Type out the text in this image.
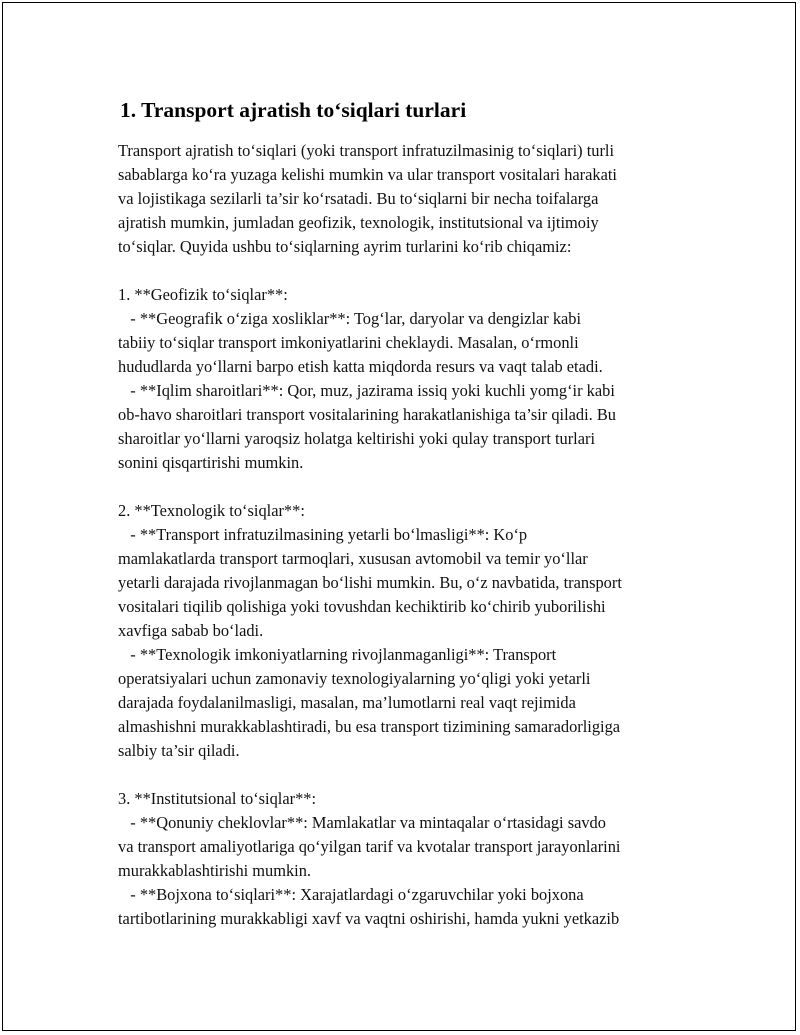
1. Transport ajratish to‘siqlari turlari

Transport ajratish to‘siqlari (yoki transport infratuzilmasinig to‘siqlari) turli
sabablarga ko‘ra yuzaga kelishi mumkin va ular transport vositalari harakati
va lojistikaga sezilarli ta’sir ko‘rsatadi. Bu to‘siqlarni bir necha toifalarga
ajratish mumkin, jumladan geofizik, texnologik, institutsional va ijtimoiy
to‘siqlar. Quyida ushbu to‘siqlarning ayrim turlarini ko‘rib chiqamiz:

1. **Geofizik to‘siqlar**:

- **Geografik o‘ziga xosliklar**: Tog‘lar, daryolar va dengizlar kabi
tabiiy to‘siqlar transport imkoniyatlarini cheklaydi. Masalan, o‘rmonli
hududlarda yo‘llarni barpo etish katta miqdorda resurs va vaqt talab etadi.

- **Iqlim sharoitlari**: Qor, muz, jazirama issiq yoki kuchli yomg‘ir kabi
ob-havo sharoitlari transport vositalarining harakatlanishiga ta’sir qiladi. Bu
sharoitlar yo‘llarni yaroqsiz holatga keltirishi yoki qulay transport turlari
sonini qisqartirishi mumkin.

2. **Texnologik to‘siqlar**:

- **Transport infratuzilmasining yetarli bo‘lmasligi**: Ko‘p
mamlakatlarda transport tarmoqlari, xususan avtomobil va temir yo‘llar
yetarli darajada rivojlanmagan bo‘lishi mumkin. Bu, o‘z navbatida, transport
vositalari tiqilib qolishiga yoki tovushdan kechiktirib ko‘chirib yuborilishi
xavfiga sabab bo‘ladi.

- **Texnologik imkoniyatlarning rivojlanmaganligi**: Transport
operatsiyalari uchun zamonaviy texnologiyalarning yo‘qligi yoki yetarli
darajada foydalanilmasligi, masalan, ma’lumotlarni real vaqt rejimida
almashishni murakkablashtiradi, bu esa transport tizimining samaradorligiga
salbiy ta’sir qiladi.

3. **Institutsional to‘siqlar**:

- **Qonuniy cheklovlar**: Mamlakatlar va mintaqalar o‘rtasidagi savdo
va transport amaliyotlariga qo‘yilgan tarif va kvotalar transport jarayonlarini
murakkablashtirishi mumkin.

- **Bojxona to‘siqlari**: Xarajatlardagi o‘zgaruvchilar yoki bojxona
tartibotlarining murakkabligi xavf va vaqtni oshirishi, hamda yukni yetkazib
